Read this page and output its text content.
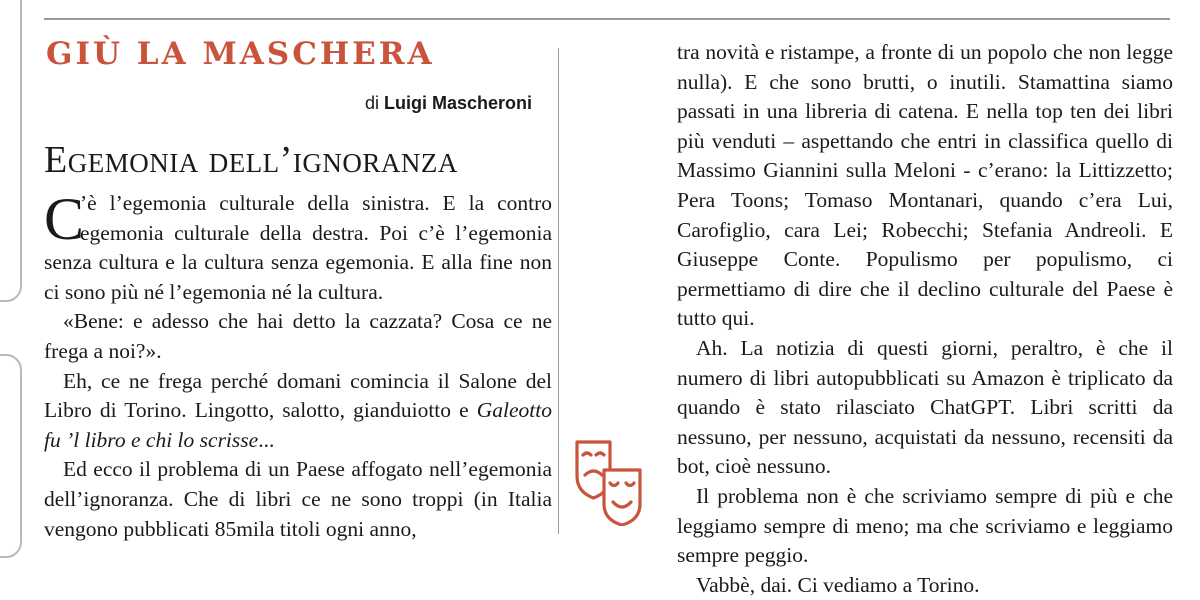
GIÙ LA MASCHERA
di Luigi Mascheroni
Egemonia dell’ignoranza

C
’è l’egemonia culturale della sinistra. E la contro egemonia culturale della destra. Poi c’è l’egemonia senza cultura e la cultura senza egemonia. E alla fine non ci sono più né l’egemonia né la cultura.

«Bene: e adesso che hai detto la cazzata? Cosa ce ne frega a noi?».

Eh, ce ne frega perché domani comincia il Salone del Libro di Torino. Lingotto, salotto, gianduiotto e Galeotto fu ’l libro e chi lo scrisse...

Ed ecco il problema di un Paese affogato nell’egemonia dell’ignoranza. Che di libri ce ne sono troppi (in Italia vengono pubblicati 85mila titoli ogni anno,

tra novità e ristampe, a fronte di un popolo che non legge nulla). E che sono brutti, o inutili. Stamattina siamo passati in una libreria di catena. E nella top ten dei libri più venduti – aspettando che entri in classifica quello di Massimo Giannini sulla Meloni - c’erano: la Littizzetto; Pera Toons; Tomaso Montanari, quando c’era Lui, Carofiglio, cara Lei; Robecchi; Stefania Andreoli. E Giuseppe Conte. Populismo per populismo, ci permettiamo di dire che il declino culturale del Paese è tutto qui.

Ah. La notizia di questi giorni, peraltro, è che il numero di libri autopubblicati su Amazon è triplicato da quando è stato rilasciato ChatGPT. Libri scritti da nessuno, per nessuno, acquistati da nessuno, recensiti da bot, cioè nessuno.

Il problema non è che scriviamo sempre di più e che leggiamo sempre di meno; ma che scriviamo e leggiamo sempre peggio.

Vabbè, dai. Ci vediamo a Torino.
